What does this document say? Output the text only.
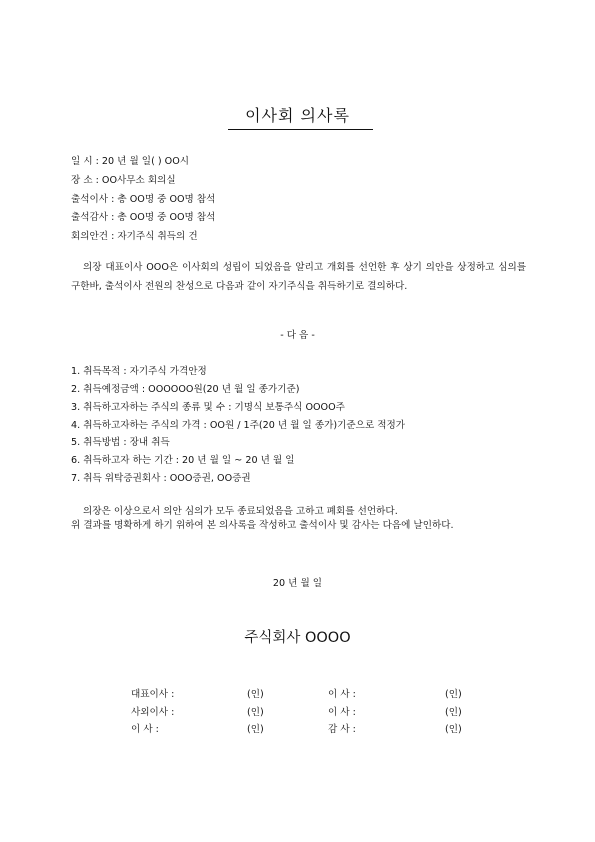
이사회 의사록
일 시 : 20 년 월 일( ) OO시
장 소 : OO사무소 회의실
출석이사 : 총 OO명 중 OO명 참석
출석감사 : 총 OO명 중 OO명 참석
회의안건 : 자기주식 취득의 건
의장 대표이사 OOO은 이사회의 성립이 되었음을 알리고 개회를 선언한 후 상기 의안을 상정하고 심의를 구한바, 출석이사 전원의 찬성으로 다음과 같이 자기주식을 취득하기로 결의하다.
- 다 음 -
1. 취득목적 : 자기주식 가격안정
2. 취득예정금액 : OOOOOO원(20 년 월 일 종가기준)
3. 취득하고자하는 주식의 종류 및 수 : 기명식 보통주식 OOOO주
4. 취득하고자하는 주식의 가격 : OO원 / 1주(20 년 월 일 종가)기준으로 적정가
5. 취득방법 : 장내 취득
6. 취득하고자 하는 기간 : 20 년 월 일 ~ 20 년 월 일
7. 취득 위탁증권회사 : OOO증권, OO증권
의장은 이상으로서 의안 심의가 모두 종료되었음을 고하고 폐회를 선언하다.
위 결과를 명확하게 하기 위하여 본 의사록을 작성하고 출석이사 및 감사는 다음에 날인하다.
20 년 월 일
주식회사 OOOO
대표이사 :	(인)	이 사 :	(인)
사외이사 :	(인)	이 사 :	(인)
이 사 :	(인)	감 사 :	(인)
